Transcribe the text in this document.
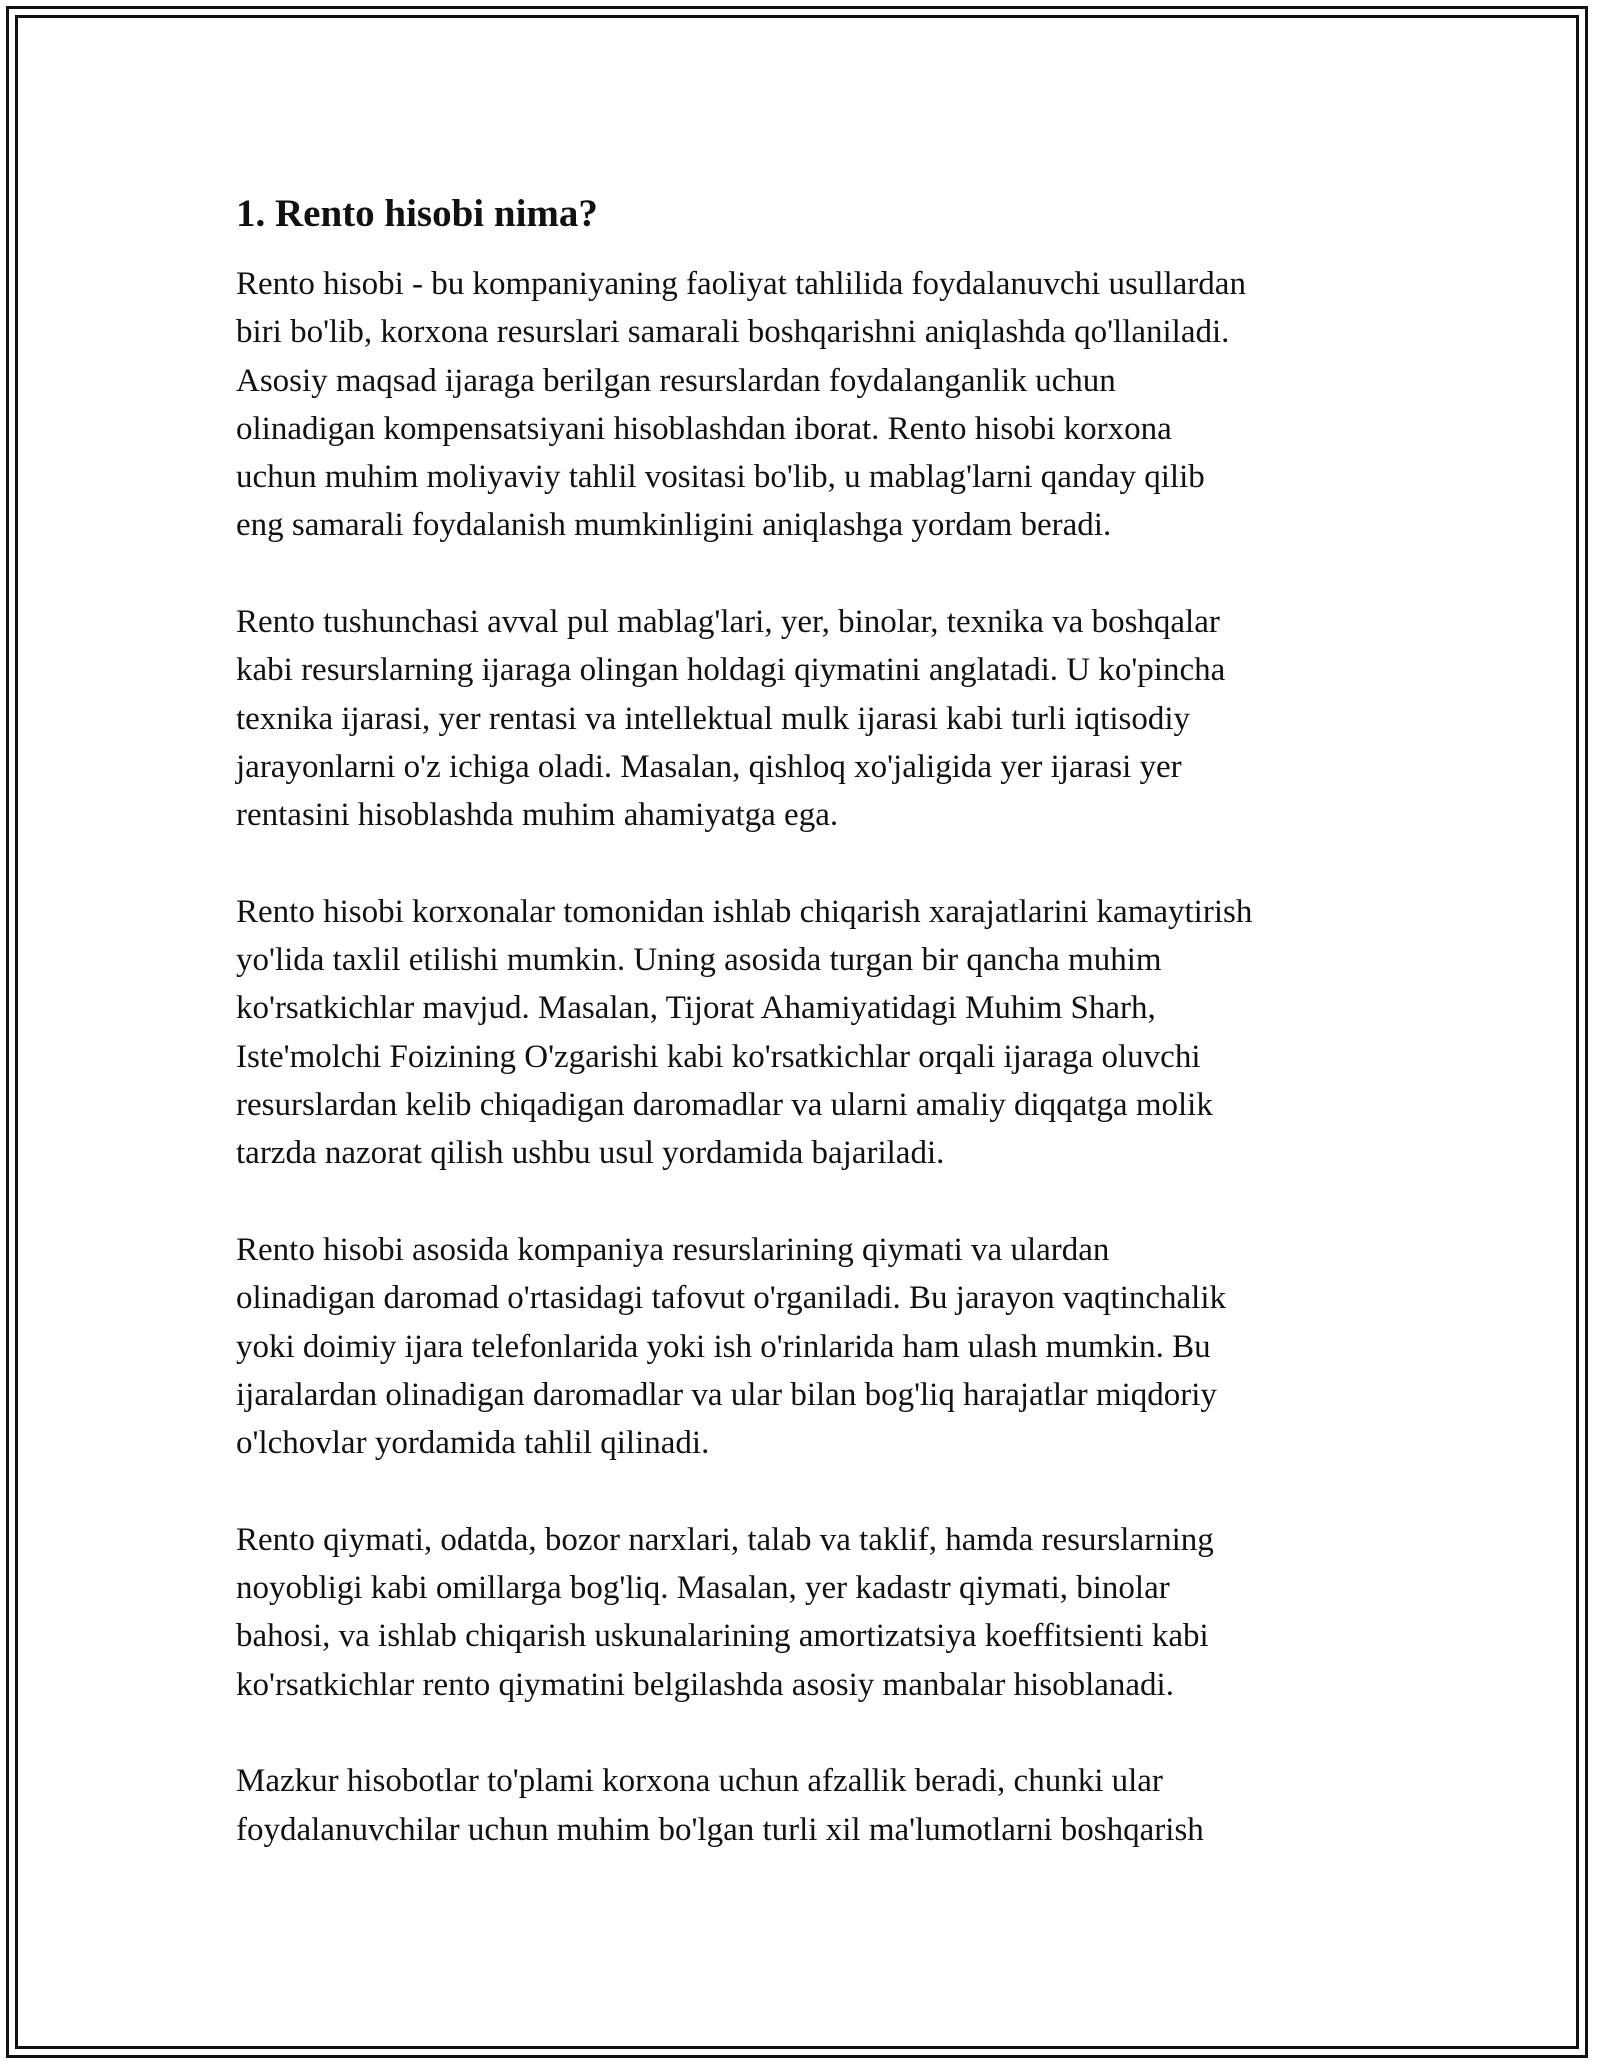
1. Rento hisobi nima?

Rento hisobi - bu kompaniyaning faoliyat tahlilida foydalanuvchi usullardan
biri bo'lib, korxona resurslari samarali boshqarishni aniqlashda qo'llaniladi.
Asosiy maqsad ijaraga berilgan resurslardan foydalanganlik uchun
olinadigan kompensatsiyani hisoblashdan iborat. Rento hisobi korxona
uchun muhim moliyaviy tahlil vositasi bo'lib, u mablag'larni qanday qilib
eng samarali foydalanish mumkinligini aniqlashga yordam beradi.

Rento tushunchasi avval pul mablag'lari, yer, binolar, texnika va boshqalar
kabi resurslarning ijaraga olingan holdagi qiymatini anglatadi. U ko'pincha
texnika ijarasi, yer rentasi va intellektual mulk ijarasi kabi turli iqtisodiy
jarayonlarni o'z ichiga oladi. Masalan, qishloq xo'jaligida yer ijarasi yer
rentasini hisoblashda muhim ahamiyatga ega.

Rento hisobi korxonalar tomonidan ishlab chiqarish xarajatlarini kamaytirish
yo'lida taxlil etilishi mumkin. Uning asosida turgan bir qancha muhim
ko'rsatkichlar mavjud. Masalan, Tijorat Ahamiyatidagi Muhim Sharh,
Iste'molchi Foizining O'zgarishi kabi ko'rsatkichlar orqali ijaraga oluvchi
resurslardan kelib chiqadigan daromadlar va ularni amaliy diqqatga molik
tarzda nazorat qilish ushbu usul yordamida bajariladi.

Rento hisobi asosida kompaniya resurslarining qiymati va ulardan
olinadigan daromad o'rtasidagi tafovut o'rganiladi. Bu jarayon vaqtinchalik
yoki doimiy ijara telefonlarida yoki ish o'rinlarida ham ulash mumkin. Bu
ijaralardan olinadigan daromadlar va ular bilan bog'liq harajatlar miqdoriy
o'lchovlar yordamida tahlil qilinadi.

Rento qiymati, odatda, bozor narxlari, talab va taklif, hamda resurslarning
noyobligi kabi omillarga bog'liq. Masalan, yer kadastr qiymati, binolar
bahosi, va ishlab chiqarish uskunalarining amortizatsiya koeffitsienti kabi
ko'rsatkichlar rento qiymatini belgilashda asosiy manbalar hisoblanadi.

Mazkur hisobotlar to'plami korxona uchun afzallik beradi, chunki ular
foydalanuvchilar uchun muhim bo'lgan turli xil ma'lumotlarni boshqarish
